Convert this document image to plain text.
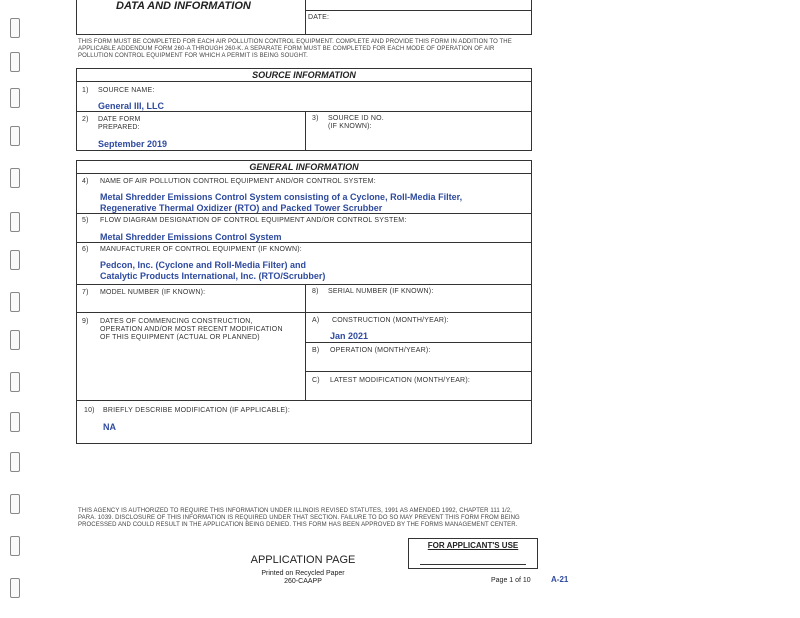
DATA AND INFORMATION
DATE:
THIS FORM MUST BE COMPLETED FOR EACH AIR POLLUTION CONTROL EQUIPMENT. COMPLETE AND PROVIDE THIS FORM IN ADDITION TO THE APPLICABLE ADDENDUM FORM 260-A THROUGH 260-K. A SEPARATE FORM MUST BE COMPLETED FOR EACH MODE OF OPERATION OF AIR POLLUTION CONTROL EQUIPMENT FOR WHICH A PERMIT IS BEING SOUGHT.
SOURCE INFORMATION
1) SOURCE NAME:
General III, LLC
2) DATE FORM
PREPARED:
September 2019
3) SOURCE ID NO.
(IF KNOWN):
GENERAL INFORMATION
4) NAME OF AIR POLLUTION CONTROL EQUIPMENT AND/OR CONTROL SYSTEM:
Metal Shredder Emissions Control System consisting of a Cyclone, Roll-Media Filter,
Regenerative Thermal Oxidizer (RTO) and Packed Tower Scrubber
5) FLOW DIAGRAM DESIGNATION OF CONTROL EQUIPMENT AND/OR CONTROL SYSTEM:
Metal Shredder Emissions Control System
6) MANUFACTURER OF CONTROL EQUIPMENT (IF KNOWN):
Pedcon, Inc. (Cyclone and Roll-Media Filter) and
Catalytic Products International, Inc. (RTO/Scrubber)
7) MODEL NUMBER (IF KNOWN):	8) SERIAL NUMBER (IF KNOWN):
9) DATES OF COMMENCING CONSTRUCTION,
OPERATION AND/OR MOST RECENT MODIFICATION
OF THIS EQUIPMENT (ACTUAL OR PLANNED)
A) CONSTRUCTION (MONTH/YEAR):
Jan 2021
B) OPERATION (MONTH/YEAR):
C) LATEST MODIFICATION (MONTH/YEAR):
10) BRIEFLY DESCRIBE MODIFICATION (IF APPLICABLE):
NA
THIS AGENCY IS AUTHORIZED TO REQUIRE THIS INFORMATION UNDER ILLINOIS REVISED STATUTES, 1991 AS AMENDED 1992, CHAPTER 111 1/2, PARA. 1039. DISCLOSURE OF THIS INFORMATION IS REQUIRED UNDER THAT SECTION. FAILURE TO DO SO MAY PREVENT THIS FORM FROM BEING PROCESSED AND COULD RESULT IN THE APPLICATION BEING DENIED. THIS FORM HAS BEEN APPROVED BY THE FORMS MANAGEMENT CENTER.
FOR APPLICANT'S USE
APPLICATION PAGE
Printed on Recycled Paper
260-CAAPP	Page 1 of 10	A-21
